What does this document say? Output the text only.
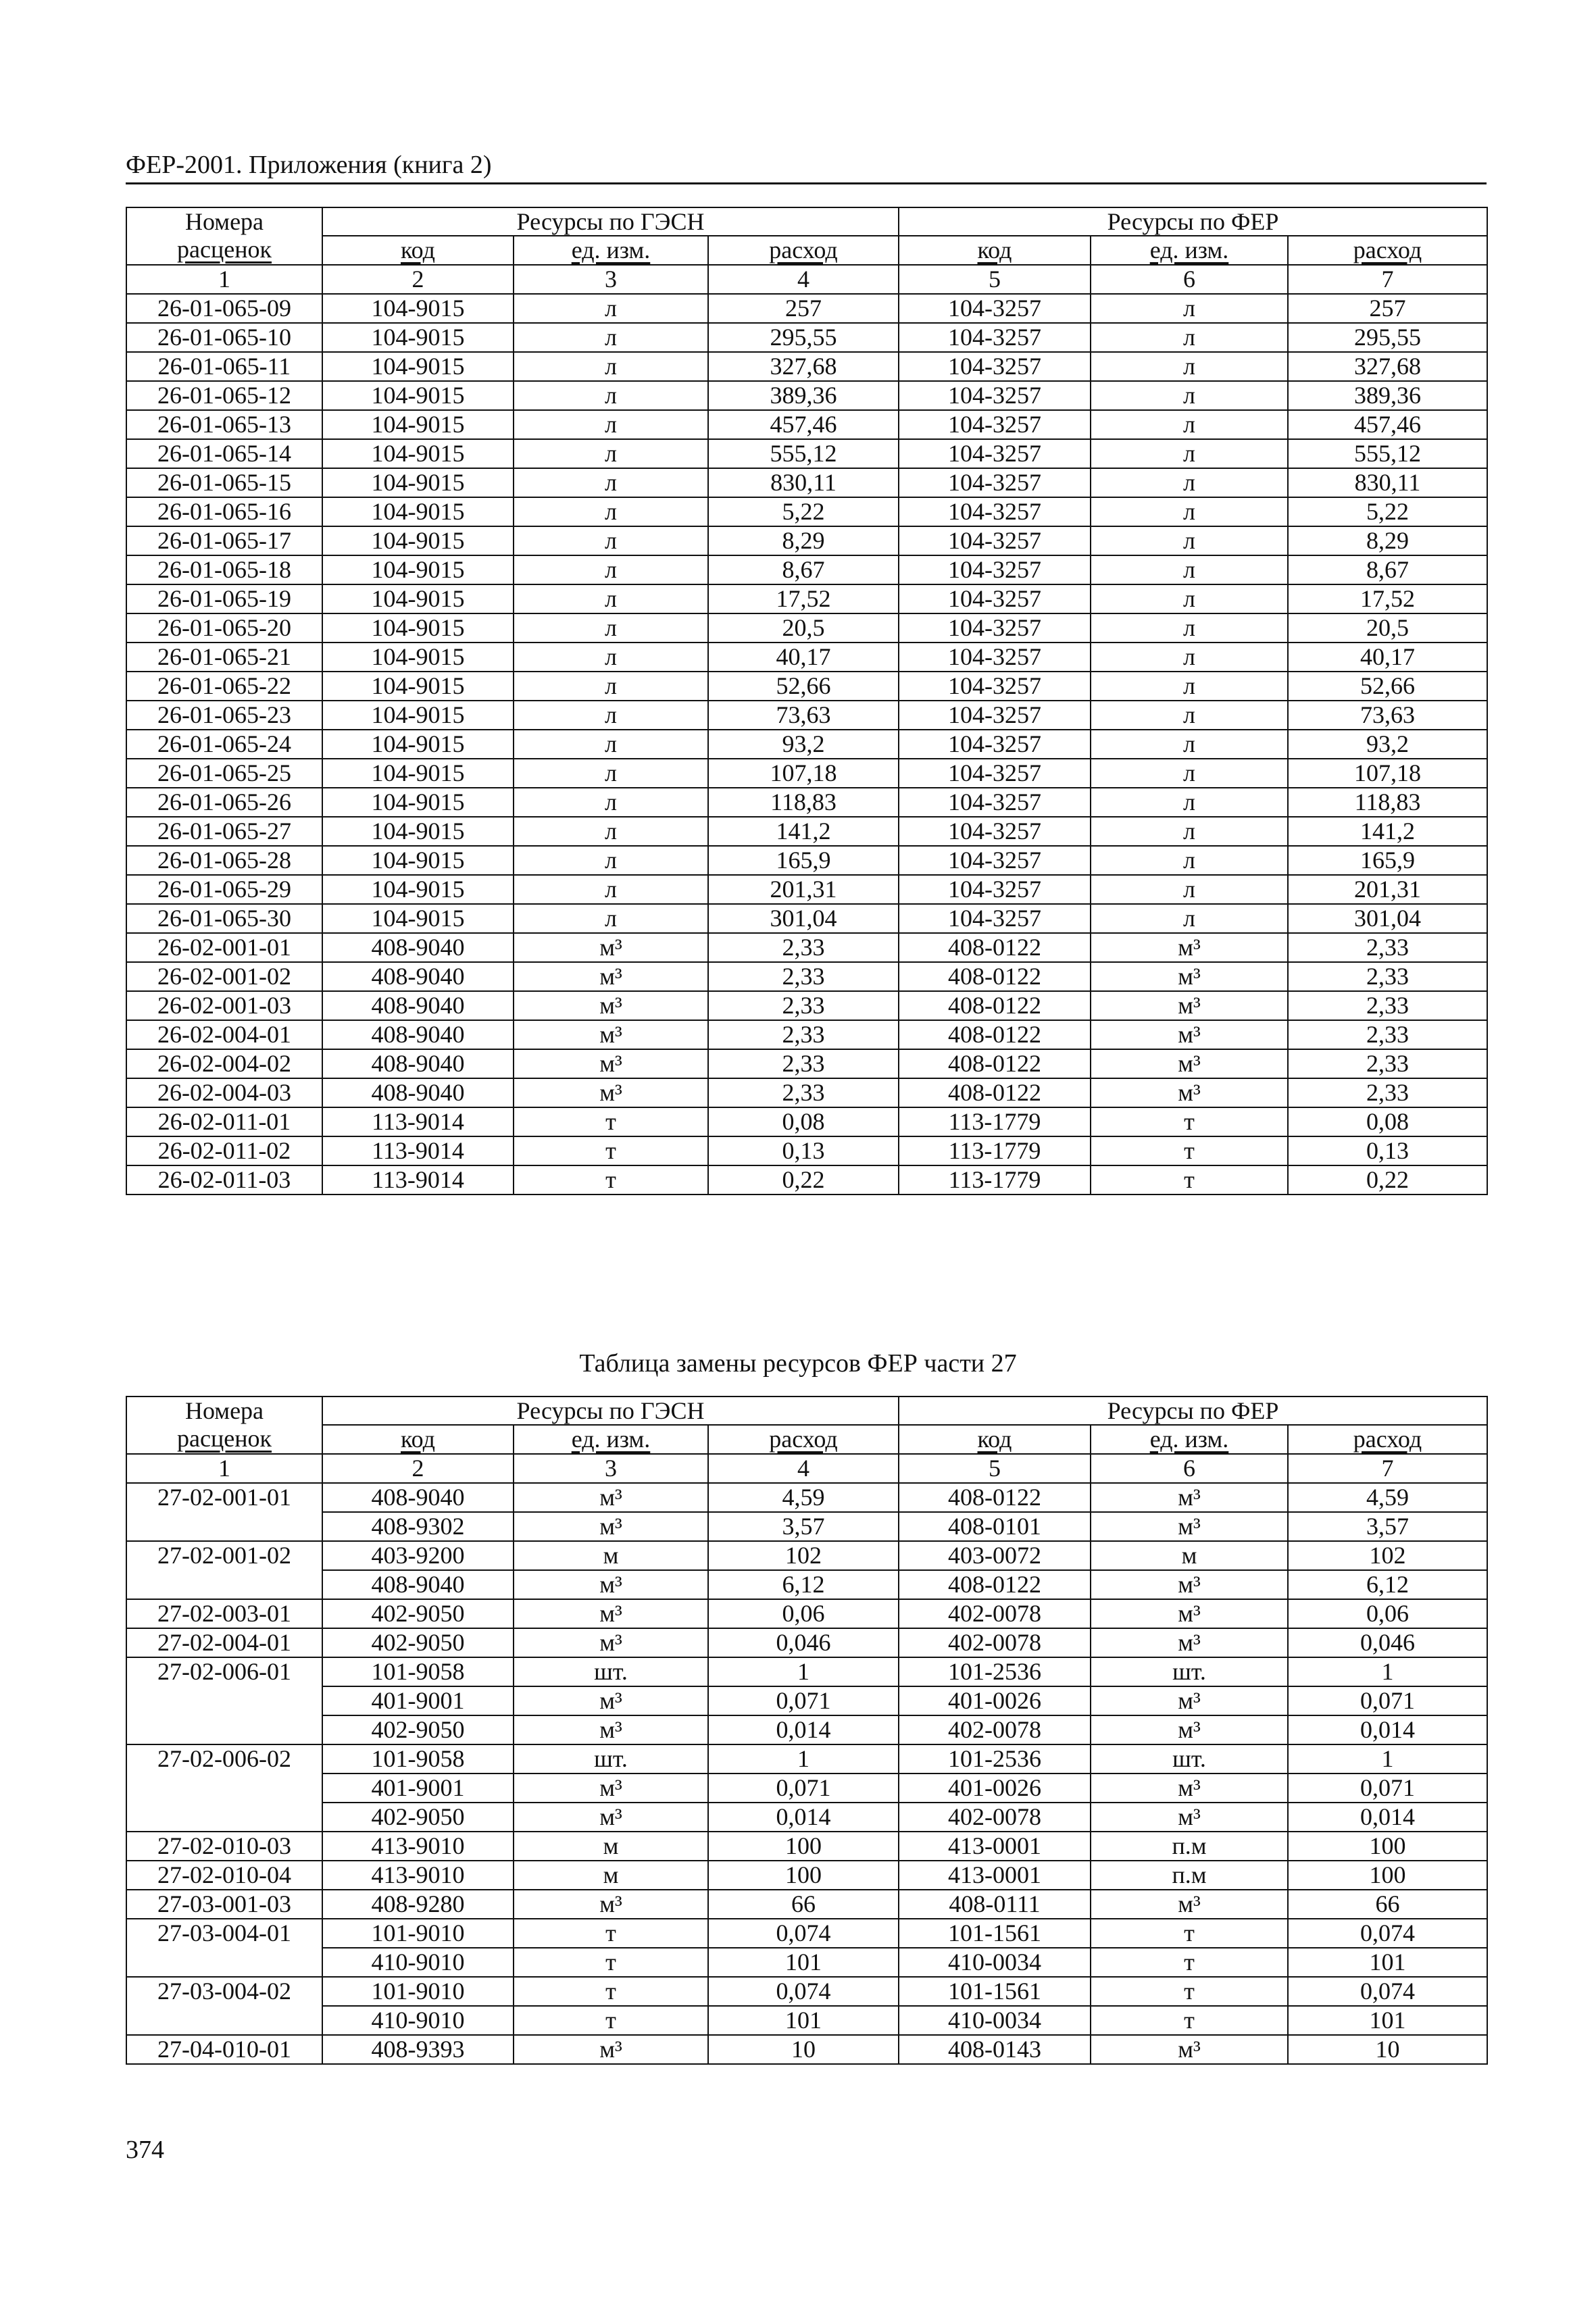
ФЕР-2001. Приложения (книга 2)
Номера	Ресурсы по ГЭСН			Ресурсы по ФЕР		
расценок	код	ед. изм.	расход	код	ед. изм.	расход
1	2	3	4	5	6	7
26-01-065-09	104-9015	л	257	104-3257	л	257
26-01-065-10	104-9015	л	295,55	104-3257	л	295,55
26-01-065-11	104-9015	л	327,68	104-3257	л	327,68
26-01-065-12	104-9015	л	389,36	104-3257	л	389,36
26-01-065-13	104-9015	л	457,46	104-3257	л	457,46
26-01-065-14	104-9015	л	555,12	104-3257	л	555,12
26-01-065-15	104-9015	л	830,11	104-3257	л	830,11
26-01-065-16	104-9015	л	5,22	104-3257	л	5,22
26-01-065-17	104-9015	л	8,29	104-3257	л	8,29
26-01-065-18	104-9015	л	8,67	104-3257	л	8,67
26-01-065-19	104-9015	л	17,52	104-3257	л	17,52
26-01-065-20	104-9015	л	20,5	104-3257	л	20,5
26-01-065-21	104-9015	л	40,17	104-3257	л	40,17
26-01-065-22	104-9015	л	52,66	104-3257	л	52,66
26-01-065-23	104-9015	л	73,63	104-3257	л	73,63
26-01-065-24	104-9015	л	93,2	104-3257	л	93,2
26-01-065-25	104-9015	л	107,18	104-3257	л	107,18
26-01-065-26	104-9015	л	118,83	104-3257	л	118,83
26-01-065-27	104-9015	л	141,2	104-3257	л	141,2
26-01-065-28	104-9015	л	165,9	104-3257	л	165,9
26-01-065-29	104-9015	л	201,31	104-3257	л	201,31
26-01-065-30	104-9015	л	301,04	104-3257	л	301,04
26-02-001-01	408-9040	м³	2,33	408-0122	м³	2,33
26-02-001-02	408-9040	м³	2,33	408-0122	м³	2,33
26-02-001-03	408-9040	м³	2,33	408-0122	м³	2,33
26-02-004-01	408-9040	м³	2,33	408-0122	м³	2,33
26-02-004-02	408-9040	м³	2,33	408-0122	м³	2,33
26-02-004-03	408-9040	м³	2,33	408-0122	м³	2,33
26-02-011-01	113-9014	т	0,08	113-1779	т	0,08
26-02-011-02	113-9014	т	0,13	113-1779	т	0,13
26-02-011-03	113-9014	т	0,22	113-1779	т	0,22
Таблица замены ресурсов ФЕР части 27
Номера	Ресурсы по ГЭСН			Ресурсы по ФЕР		
расценок	код	ед. изм.	расход	код	ед. изм.	расход
1	2	3	4	5	6	7
27-02-001-01	408-9040	м³	4,59	408-0122	м³	4,59
	408-9302	м³	3,57	408-0101	м³	3,57
27-02-001-02	403-9200	м	102	403-0072	м	102
	408-9040	м³	6,12	408-0122	м³	6,12
27-02-003-01	402-9050	м³	0,06	402-0078	м³	0,06
27-02-004-01	402-9050	м³	0,046	402-0078	м³	0,046
27-02-006-01	101-9058	шт.	1	101-2536	шт.	1
	401-9001	м³	0,071	401-0026	м³	0,071
	402-9050	м³	0,014	402-0078	м³	0,014
27-02-006-02	101-9058	шт.	1	101-2536	шт.	1
	401-9001	м³	0,071	401-0026	м³	0,071
	402-9050	м³	0,014	402-0078	м³	0,014
27-02-010-03	413-9010	м	100	413-0001	п.м	100
27-02-010-04	413-9010	м	100	413-0001	п.м	100
27-03-001-03	408-9280	м³	66	408-0111	м³	66
27-03-004-01	101-9010	т	0,074	101-1561	т	0,074
	410-9010	т	101	410-0034	т	101
27-03-004-02	101-9010	т	0,074	101-1561	т	0,074
	410-9010	т	101	410-0034	т	101
27-04-010-01	408-9393	м³	10	408-0143	м³	10
374
